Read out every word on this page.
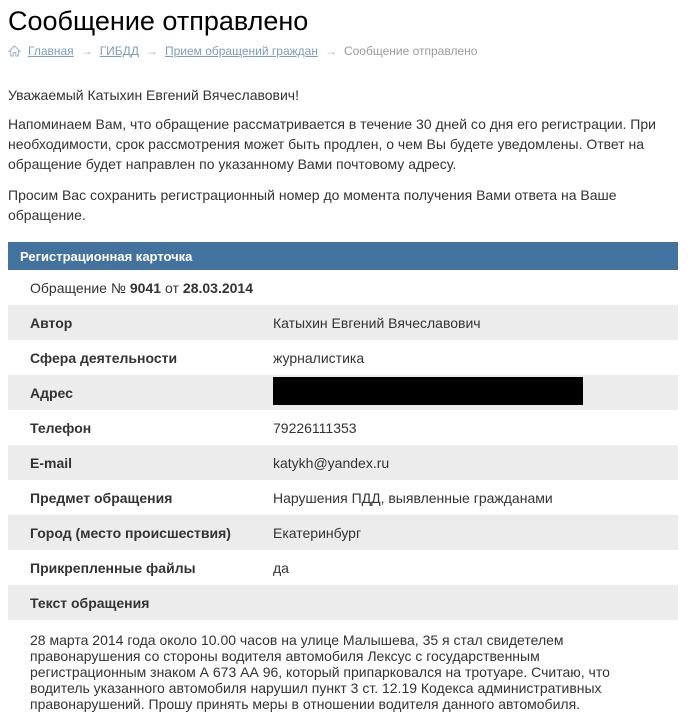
Сообщение отправлено
Главная → ГИБДД → Прием обращений граждан → Сообщение отправлено

Уважаемый Катыхин Евгений Вячеславович!

Напоминаем Вам, что обращение рассматривается в течение 30 дней со дня его регистрации. При необходимости, срок рассмотрения может быть продлен, о чем Вы будете уведомлены. Ответ на обращение будет направлен по указанному Вами почтовому адресу.

Просим Вас сохранить регистрационный номер до момента получения Вами ответа на Ваше обращение.

Регистрационная карточка
Обращение № 9041 от 28.03.2014
Автор	Катыхин Евгений Вячеславович
Сфера деятельности	журналистика
Адрес
Телефон	79226111353
E-mail	katykh@yandex.ru
Предмет обращения	Нарушения ПДД, выявленные гражданами
Город (место происшествия)	Екатеринбург
Прикрепленные файлы	да
Текст обращения
28 марта 2014 года около 10.00 часов на улице Малышева, 35 я стал свидетелем правонарушения со стороны водителя автомобиля Лексус с государственным регистрационным знаком А 673 АА 96, который припарковался на тротуаре. Считаю, что водитель указанного автомобиля нарушил пункт 3 ст. 12.19 Кодекса административных правонарушений. Прошу принять меры в отношении водителя данного автомобиля.
